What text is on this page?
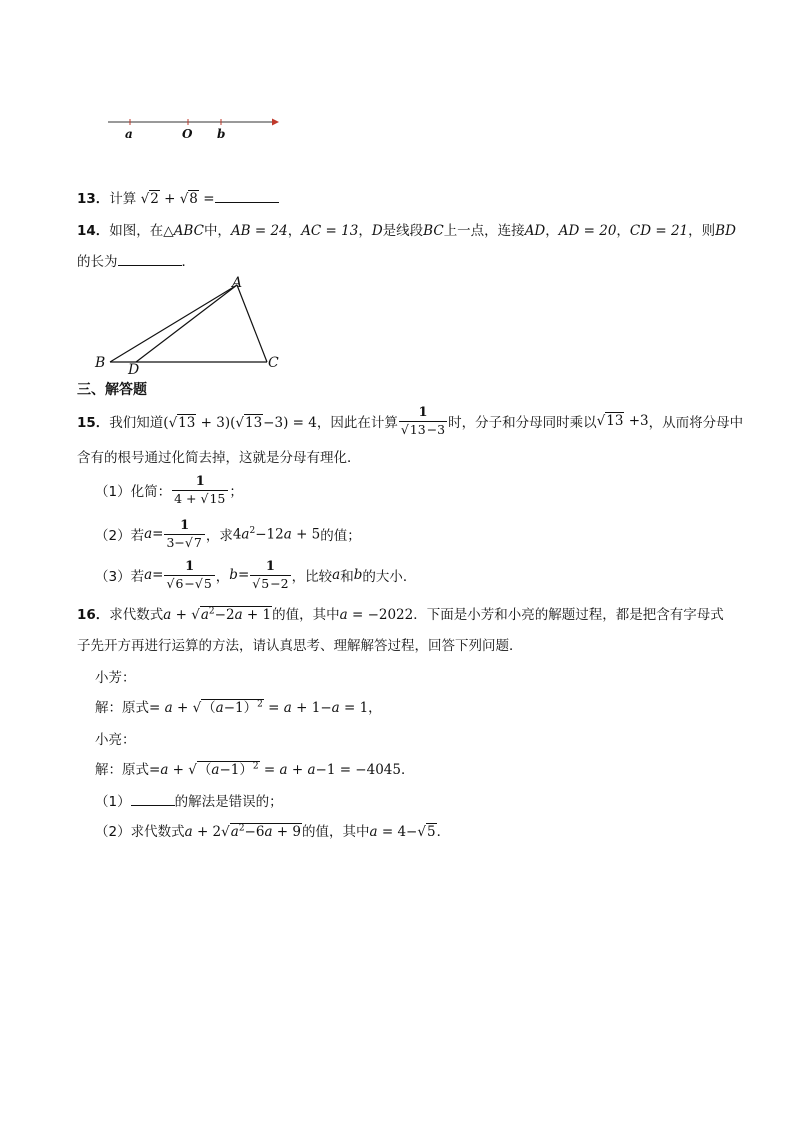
a	O b
13．计算 √2 + √8 =
14．如图，在△ABC中，AB = 24，AC = 13，D是线段BC上一点，连接AD，AD = 20，CD = 21，则BD
的长为	．
A
B	C
D
三、解答题
15． 我们知道 (√13 + 3)(√13−3) = 4， 因此在计算 $\frac{1}{√13-3}$ 时，分子和分母同时乘以 √13 +3 ，从而将分母中
含有的根号通过化简去掉，这就是分母有理化．
（1）化简： $\frac{1}{4 + √15}$ ；
（2）若 $a = \frac{1}{3-√7}$ ，求 $4a^2-12a + 5$ 的值；
（3）若 $a = \frac{1}{√6-√5}$ ， $b = \frac{1}{√5-2}$ ，比较 a 和 b 的大小．
16．求代数式$a + √a^2-2a + 1$的值，其中a = −2022．下面是小芳和小亮的解题过程，都是把含有字母式
子先开方再进行运算的方法，请认真思考、理解解答过程，回答下列问题．
小芳：
解：原式= $a + √(a-1)^2 = a + 1-a = 1$，
小亮：
解：原式$=a + √(a-1)^2 = a + a-1 = -4045$．
（1）	的解法是错误的；
（2）求代数式$a + 2√a^2-6a + 9$的值，其中a = 4−√5．
